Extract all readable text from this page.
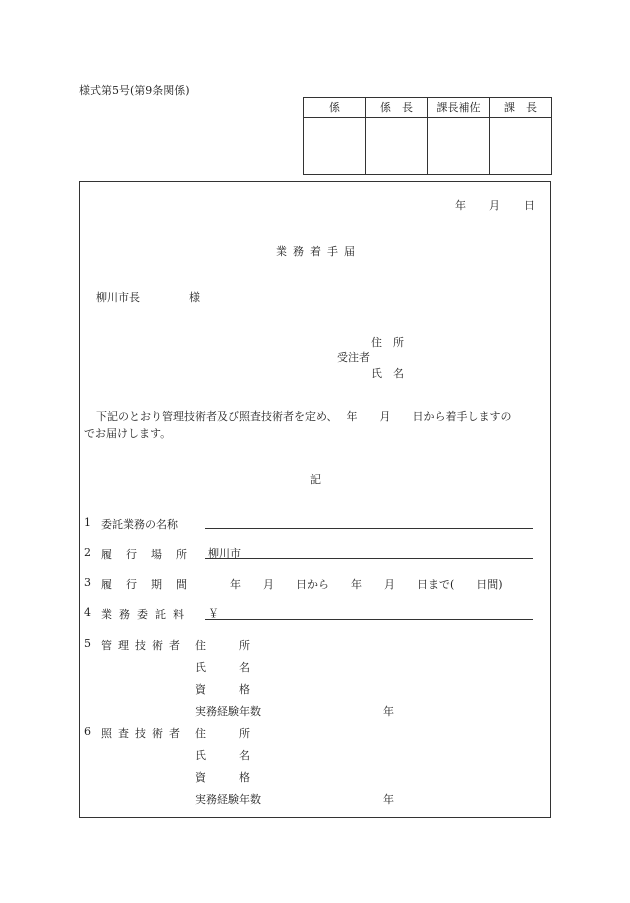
様式第5号(第9条関係)
係	係　長	課長補佐	課　長

年 月 日
業務着手届
柳川市長	様
住　所
受注者
氏　名
下記のとおり管理技術者及び照査技術者を定め、　 年　　月　　日から着手しますの
でお届けします。
記
1 委託業務の名称
2 履行場所 柳川市
3 履行期間	年　　月　　日から　　年　　月　　日まで(　　日間)
4 業務委託料 ￥
5 管理技術者 住　　　所
氏　　　名
資　　　格
実務経験年数	年
6 照査技術者 住　　　所
氏　　　名
資　　　格
実務経験年数	年
